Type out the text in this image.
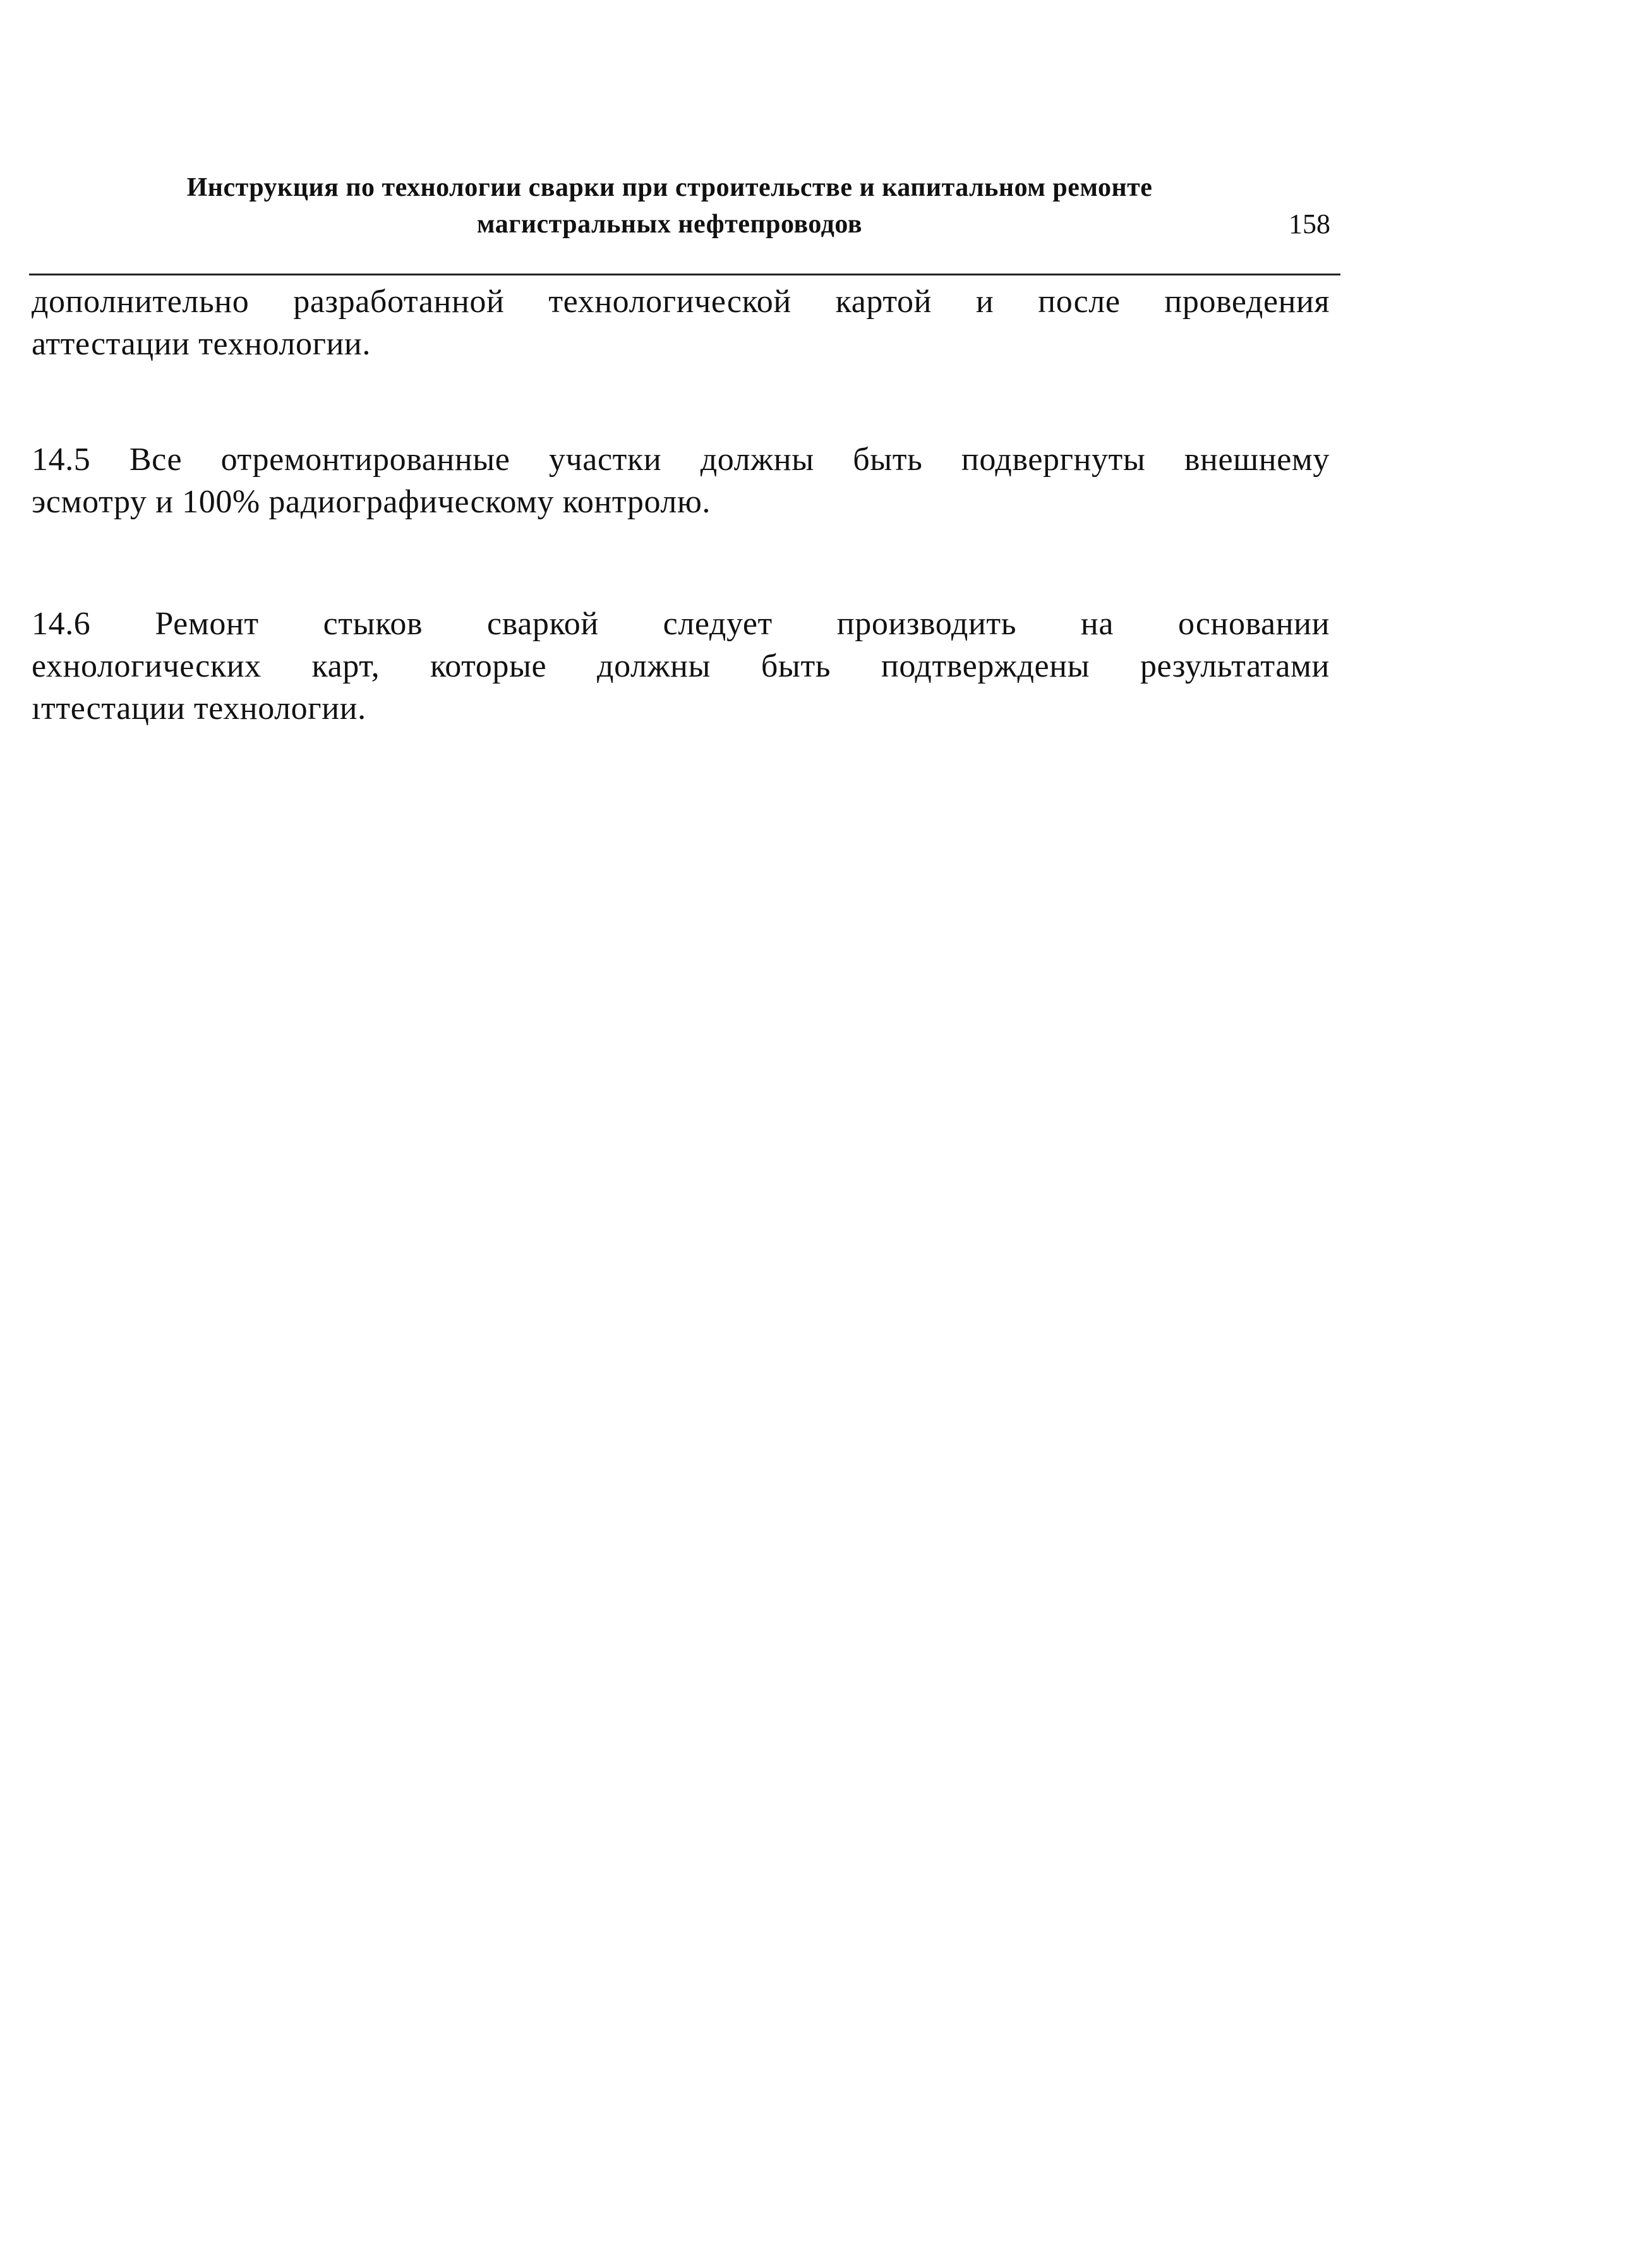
Инструкция по технологии сварки при строительстве и капитальном ремонте
магистральных нефтепроводов	158
дополнительно разработанной технологической картой и после проведения
аттестации технологии.
14.5 Все отремонтированные участки должны быть подвергнуты внешнему
эсмотру и 100% радиографическому контролю.
14.6 Ремонт стыков сваркой следует производить на основании
ехнологических карт, которые должны быть подтверждены результатами
ıттестации технологии.
